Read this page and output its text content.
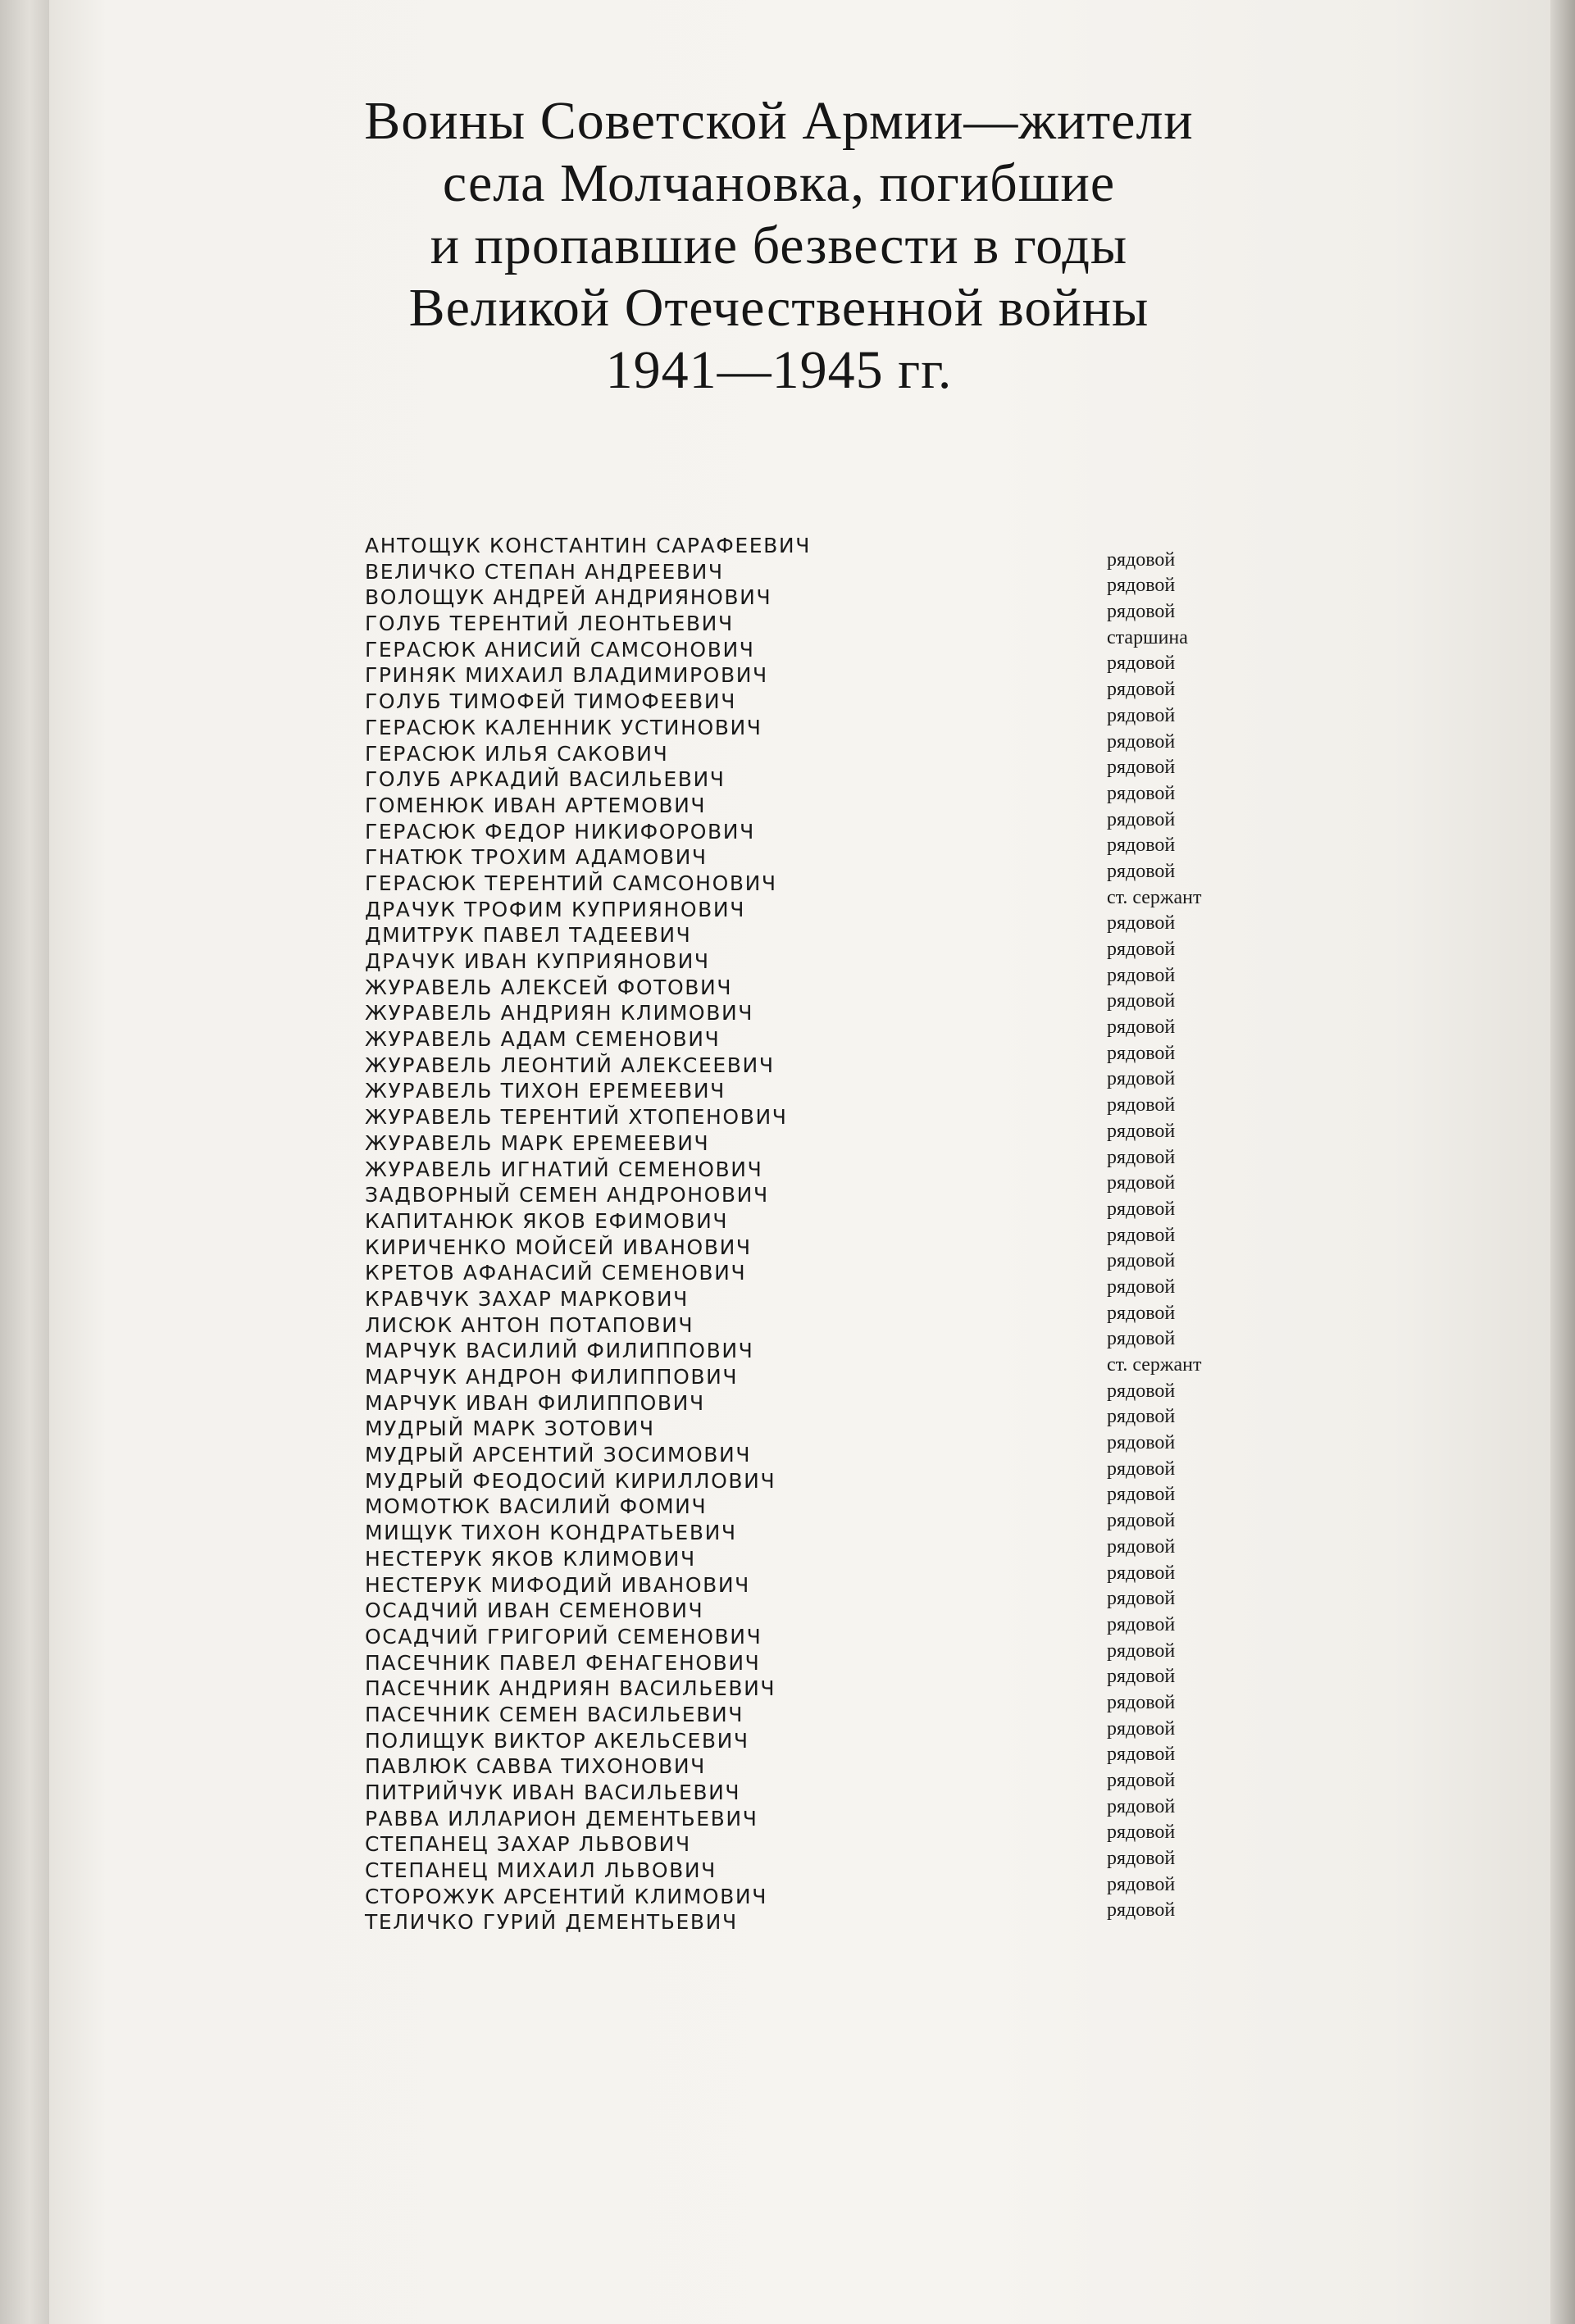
Воины Советской Армии—жители
села Молчановка, погибшие
и пропавшие безвести в годы
Великой Отечественной войны
1941—1945 гг.
АНТОЩУК КОНСТАНТИН САРАФЕЕВИЧ
ВЕЛИЧКО СТЕПАН АНДРЕЕВИЧ	рядовой
ВОЛОЩУК АНДРЕЙ АНДРИЯНОВИЧ	рядовой
ГОЛУБ ТЕРЕНТИЙ ЛЕОНТЬЕВИЧ	рядовой
ГЕРАСЮК АНИСИЙ САМСОНОВИЧ	старшина
ГРИНЯК МИХАИЛ ВЛАДИМИРОВИЧ	рядовой
ГОЛУБ ТИМОФЕЙ ТИМОФЕЕВИЧ	рядовой
ГЕРАСЮК КАЛЕННИК УСТИНОВИЧ	рядовой
ГЕРАСЮК ИЛЬЯ САКОВИЧ	рядовой
ГОЛУБ АРКАДИЙ ВАСИЛЬЕВИЧ	рядовой
ГОМЕНЮК ИВАН АРТЕМОВИЧ	рядовой
ГЕРАСЮК ФЕДОР НИКИФОРОВИЧ	рядовой
ГНАТЮК ТРОХИМ АДАМОВИЧ	рядовой
ГЕРАСЮК ТЕРЕНТИЙ САМСОНОВИЧ	рядовой
ДРАЧУК ТРОФИМ КУПРИЯНОВИЧ	ст. сержант
ДМИТРУК ПАВЕЛ ТАДЕЕВИЧ	рядовой
ДРАЧУК ИВАН КУПРИЯНОВИЧ	рядовой
ЖУРАВЕЛЬ АЛЕКСЕЙ ФОТОВИЧ	рядовой
ЖУРАВЕЛЬ АНДРИЯН КЛИМОВИЧ	рядовой
ЖУРАВЕЛЬ АДАМ СЕМЕНОВИЧ	рядовой
ЖУРАВЕЛЬ ЛЕОНТИЙ АЛЕКСЕЕВИЧ	рядовой
ЖУРАВЕЛЬ ТИХОН ЕРЕМЕЕВИЧ	рядовой
ЖУРАВЕЛЬ ТЕРЕНТИЙ ХТОПЕНОВИЧ	рядовой
ЖУРАВЕЛЬ МАРК ЕРЕМЕЕВИЧ	рядовой
ЖУРАВЕЛЬ ИГНАТИЙ СЕМЕНОВИЧ	рядовой
ЗАДВОРНЫЙ СЕМЕН АНДРОНОВИЧ	рядовой
КАПИТАНЮК ЯКОВ ЕФИМОВИЧ	рядовой
КИРИЧЕНКО МОЙСЕЙ ИВАНОВИЧ	рядовой
КРЕТОВ АФАНАСИЙ СЕМЕНОВИЧ	рядовой
КРАВЧУК ЗАХАР МАРКОВИЧ	рядовой
ЛИСЮК АНТОН ПОТАПОВИЧ	рядовой
МАРЧУК ВАСИЛИЙ ФИЛИППОВИЧ	рядовой
МАРЧУК АНДРОН ФИЛИППОВИЧ	ст. сержант
МАРЧУК ИВАН ФИЛИППОВИЧ	рядовой
МУДРЫЙ МАРК ЗОТОВИЧ	рядовой
МУДРЫЙ АРСЕНТИЙ ЗОСИМОВИЧ	рядовой
МУДРЫЙ ФЕОДОСИЙ КИРИЛЛОВИЧ	рядовой
МОМОТЮК ВАСИЛИЙ ФОМИЧ	рядовой
МИЩУК ТИХОН КОНДРАТЬЕВИЧ	рядовой
НЕСТЕРУК ЯКОВ КЛИМОВИЧ	рядовой
НЕСТЕРУК МИФОДИЙ ИВАНОВИЧ	рядовой
ОСАДЧИЙ ИВАН СЕМЕНОВИЧ	рядовой
ОСАДЧИЙ ГРИГОРИЙ СЕМЕНОВИЧ	рядовой
ПАСЕЧНИК ПАВЕЛ ФЕНАГЕНОВИЧ	рядовой
ПАСЕЧНИК АНДРИЯН ВАСИЛЬЕВИЧ	рядовой
ПАСЕЧНИК СЕМЕН ВАСИЛЬЕВИЧ	рядовой
ПОЛИЩУК ВИКТОР АКЕЛЬСЕВИЧ	рядовой
ПАВЛЮК САВВА ТИХОНОВИЧ	рядовой
ПИТРИЙЧУК ИВАН ВАСИЛЬЕВИЧ	рядовой
РАВВА ИЛЛАРИОН ДЕМЕНТЬЕВИЧ	рядовой
СТЕПАНЕЦ ЗАХАР ЛЬВОВИЧ	рядовой
СТЕПАНЕЦ МИХАИЛ ЛЬВОВИЧ	рядовой
СТОРОЖУК АРСЕНТИЙ КЛИМОВИЧ	рядовой
ТЕЛИЧКО ГУРИЙ ДЕМЕНТЬЕВИЧ	рядовой
